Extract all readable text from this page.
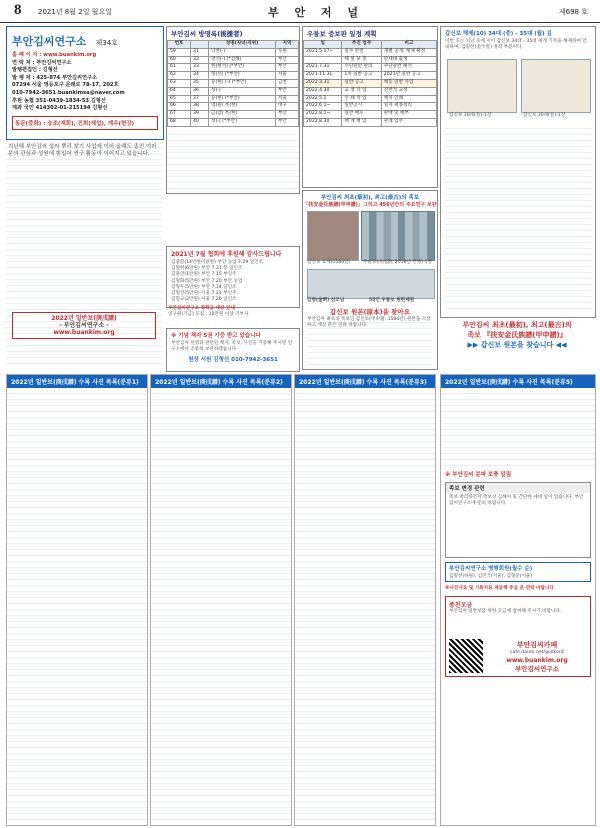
8 2021년 8월 2일 월요일	부 안 저 널	제698 호
부안김씨연구소 제34호
홈 페 이 지 : www.buankim.org
연 락 처 : 부안김씨연구소
발행편집인 : 김형선
발 행 처 : 425-874 부안김씨연구소
07294 서울 영등포구 문래로 78-17, 202호
010-7942-3651 buankimsa@naver.com
후원 농협 351-0439-1834-53 김형선
계좌 국민 414302-01-215194 김형선
동문(중화) : 승조(재회), 진희(재섭), 계우(현강)
지난해 부안김씨 성씨 뿌리 찾기 사업에 이어 올해도 종친 여러분의 관심과 성원에 힘입어 연구 활동이 이어지고 있습니다.
2022년 일반보(庚戌譜)
- 부안김씨연구소 -
www.buankim.org
부안김씨 방명록(後援者)
번호		성명(자녀/직위)	지역
59	31	낙찬(-)	수원
60	32	영석(-) (*김해)	부산
61	33	현(현석) (*부안)	부산
62	34	형(선) (*부안)	서울
63	35	동(현) (-) (*부안)	금천
64	36	성(-)	부안
65	37	승(현) (*부안)	서울
66	38	영(용) 옥(현)	대구
67	39	금(갑) 옥(현)	부산
68	40	성(-) (*부안)	부안
2021년 7월 협회에 후원해 감사드립니다
김용환(14만원이용한) 부안 농업 7.29 일인조
김형현(6만원) 부안 7.21 봉 일인조
김용연(1만원) 부안 7.15 부인주
김형화(5만원) 부안 7.20 부안 농업
김형두(5만원) 부안 7.14 일인조
김형진(5만원) 서울 7.21 부인주
김형규(2만원) 서울 7.20 일인조
부안김씨연구소 장학금 대상 안내
연구원(기금) 모집 : 10만원 이상 기부자
※ 기념 책자 5권 기증 받고 있습니다
부안김씨 선영과 관련된 책자, 족보, 사진을 기증해 주시면 연구소에서 소중히 보관하겠습니다.
원장 서원 김형선 010-7942-3651
우물보 중보판 일정 계획
일	추진 업무	비고
2021.5.17~	일수 완결	개별 공개, 체제 확정
	해 설 보 충	단세대 출생
2021.7.31	수단관련 판의	수단관련 해석
2021.11.31	1차 일반 공고	2021년 일반 공고
2022.3.31	일반 공고	책등 일반 사업
2022.4.30	교 정 작 업	전반적 교정
2022.5.1	인 쇄 작 업	책자 인쇄
2022.6.1~	일반공시	일자 최종정리
2022.8.1~	일반 배포	판매 및 배부
2022.8.30	책 계 책 임	관계 업무
부안김씨 최초(最初), 최고(最古)의 족보
「扶安金氏族譜(甲申譜)」그리고 456년만의 주요연구 보완
갑신보 표제(1584년)	무술보(戊戌譜, 2018년 간행) 1질
김명(金明) 선조님	55인 우물보 원편제원
갑신보 원본(原本)을 찾아요
부안김씨 최초의 족보인 갑신보(甲申譜, 1584년) 원본을 소장하고 계신 분은 연락 바랍니다.
갑신보 해제(10) 34대 (중) - 35대 (월) 김
이번 호는 지난 호에 이어 갑신보 34대 - 35대 세계 기록을 해제하여 안내하며, 김형선(金亨善) 정리 부분이다.
갑신보 30세(卷)-1장	갑신보 30세(卷)-1장
부안김씨 최초(最初), 최고(最古)의
족보 『扶安金氏族譜(甲申譜)』
▶▶ 갑신보 원본을 찾습니다 ◀◀
2022년 일반보(庚戌譜) 수록 사진 목록(분류1)	2022년 일반보(庚戌譜) 수록 사진 목록(분류2)	2022년 일반보(庚戌譜) 수록 사진 목록(분류3)	2022년 일반보(庚戌譜) 수록 사진 목록(분류5)
※ 부안김씨 분파 보충 알림
족보 변경 관련
족보 정리하면서 족보상 김해씨 및 간단한 세대 일이 있습니다. 부안김씨연구소에 문의 바랍니다.
부안김씨연구소 병행회원(월수 순)
김형선(하원), 김민국(서울), 김형준(서울)
※사진자료 및 기록자료 제공해 주실 분 연락 바랍니다
종친모금
부안김씨 일반보를 위한 모금에 참여해 주시기 바랍니다.
부안김씨카페
cafe.daum.net/gudkorit
www.buankim.org
부안김씨연구소
